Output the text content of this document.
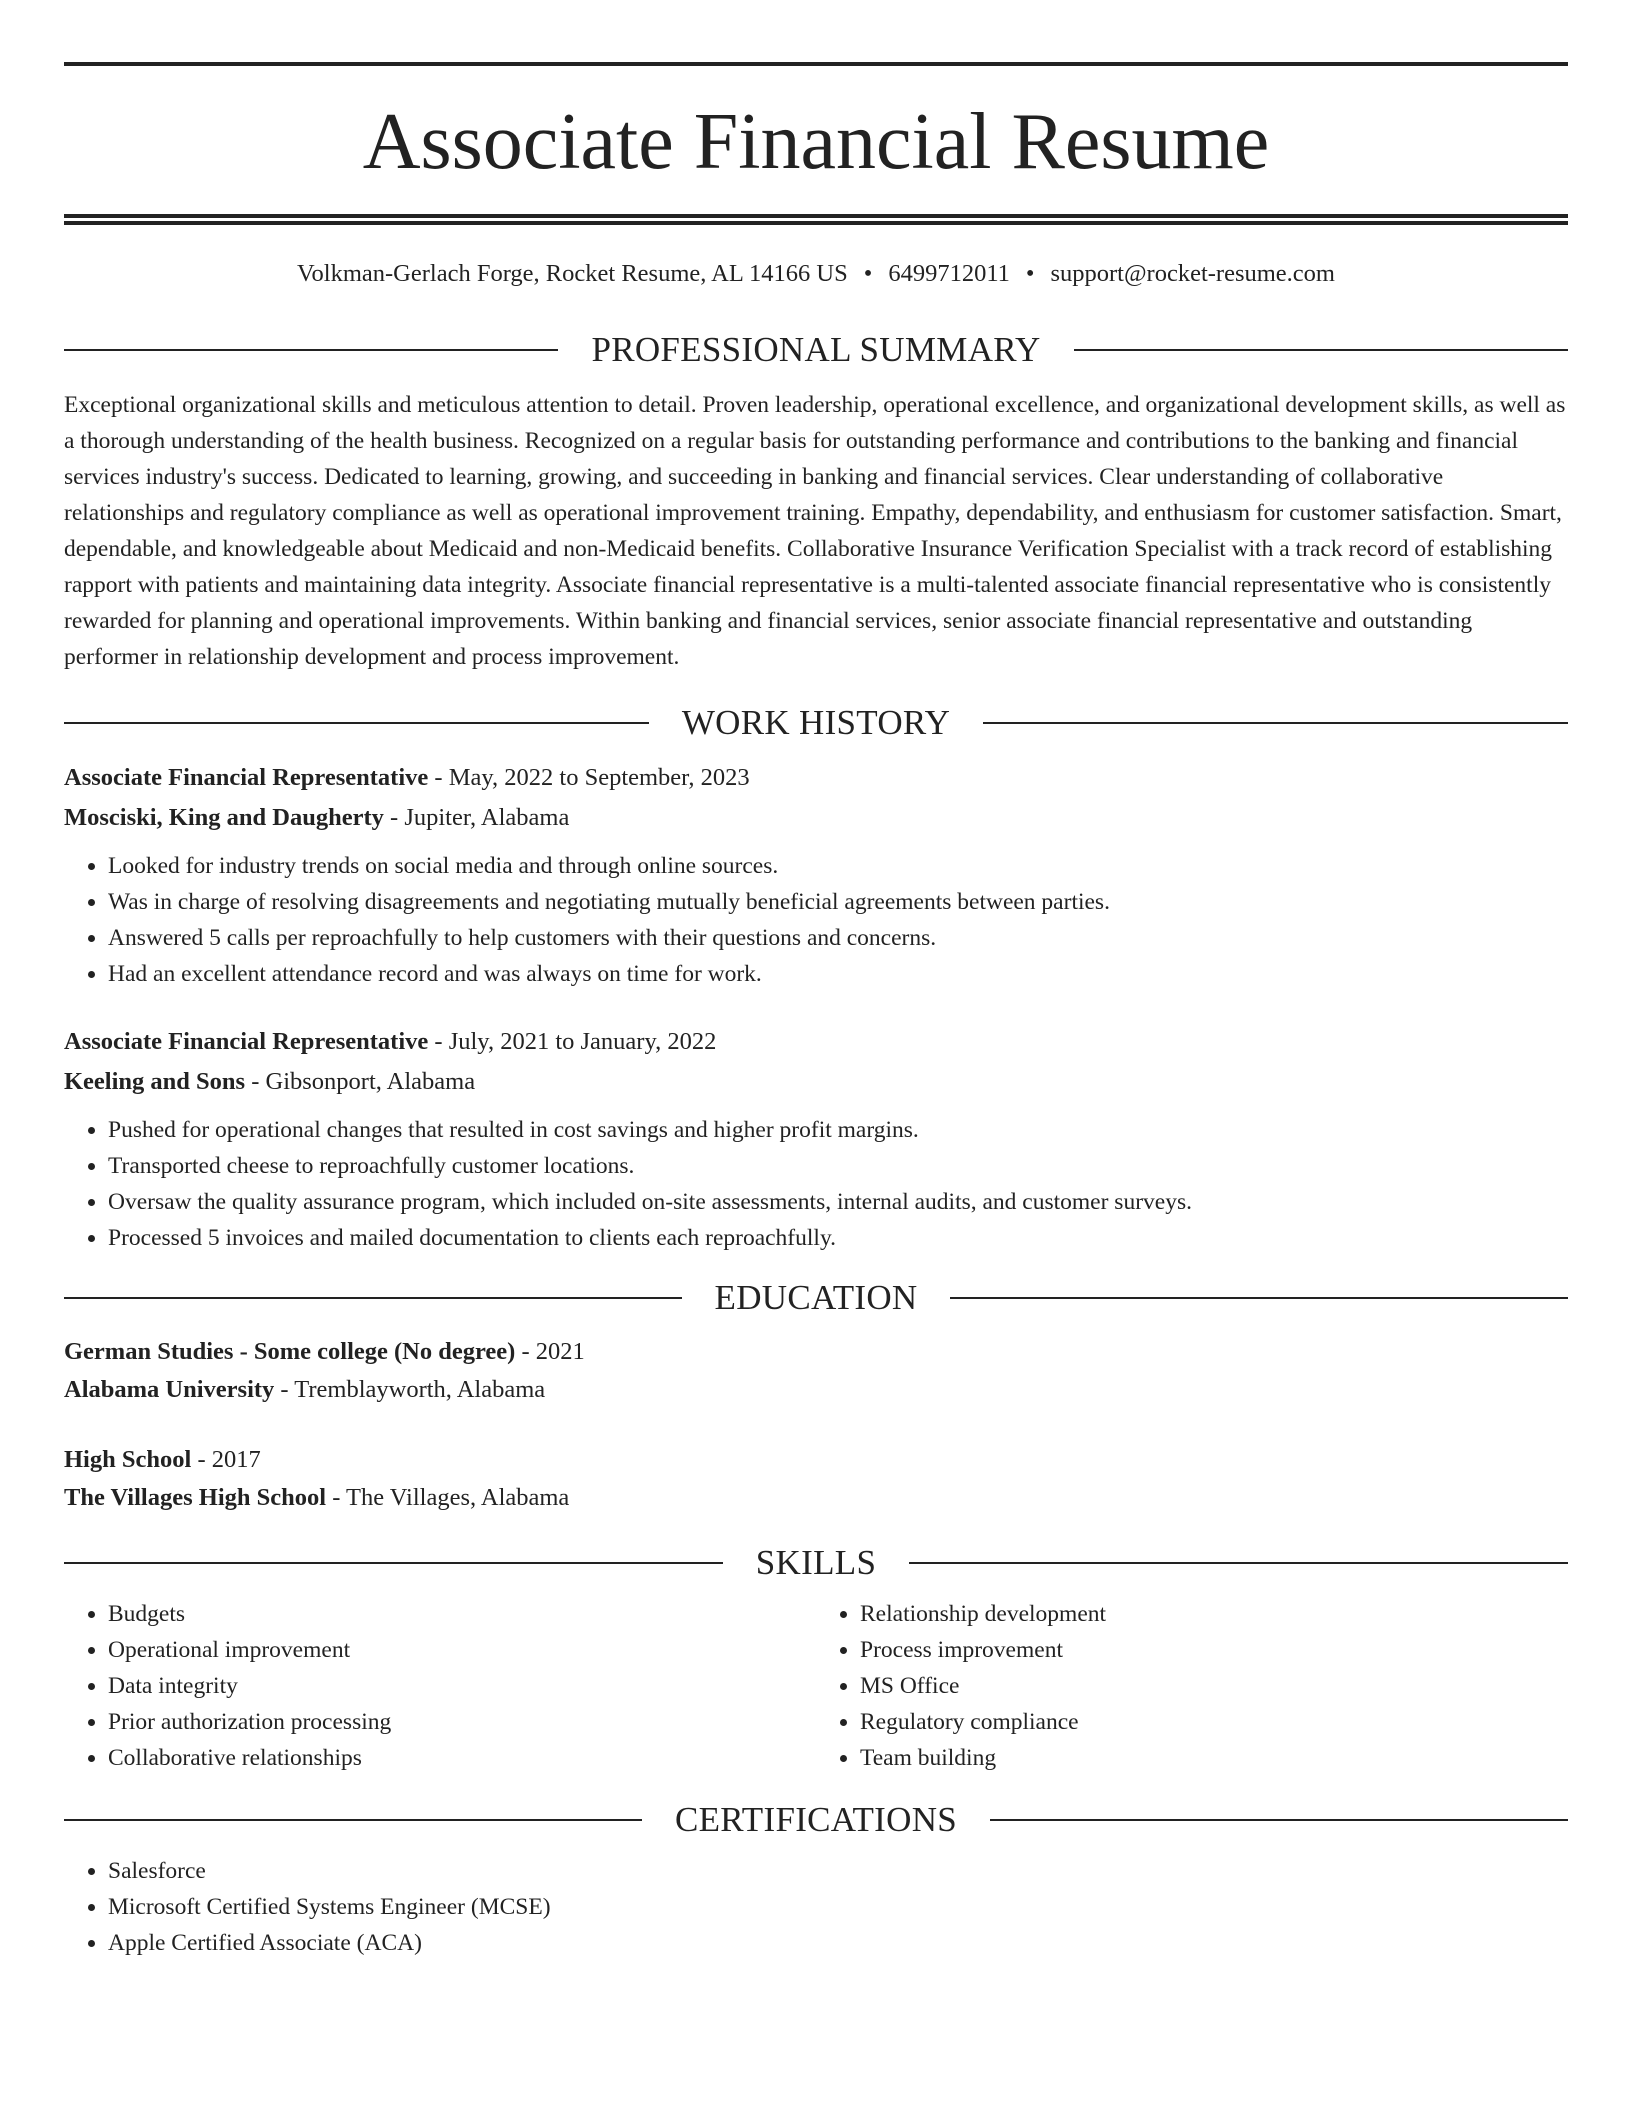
Associate Financial Resume
Volkman-Gerlach Forge, Rocket Resume, AL 14166 US • 6499712011 • support@rocket-resume.com
PROFESSIONAL SUMMARY

Exceptional organizational skills and meticulous attention to detail. Proven leadership, operational excellence, and organizational development skills, as well as a thorough understanding of the health business. Recognized on a regular basis for outstanding performance and contributions to the banking and financial services industry's success. Dedicated to learning, growing, and succeeding in banking and financial services. Clear understanding of collaborative relationships and regulatory compliance as well as operational improvement training. Empathy, dependability, and enthusiasm for customer satisfaction. Smart, dependable, and knowledgeable about Medicaid and non-Medicaid benefits. Collaborative Insurance Verification Specialist with a track record of establishing rapport with patients and maintaining data integrity. Associate financial representative is a multi-talented associate financial representative who is consistently rewarded for planning and operational improvements. Within banking and financial services, senior associate financial representative and outstanding performer in relationship development and process improvement.

WORK HISTORY
Associate Financial Representative - May, 2022 to September, 2023
Mosciski, King and Daugherty - Jupiter, Alabama
• Looked for industry trends on social media and through online sources.
• Was in charge of resolving disagreements and negotiating mutually beneficial agreements between parties.
• Answered 5 calls per reproachfully to help customers with their questions and concerns.
• Had an excellent attendance record and was always on time for work.
Associate Financial Representative - July, 2021 to January, 2022
Keeling and Sons - Gibsonport, Alabama
• Pushed for operational changes that resulted in cost savings and higher profit margins.
• Transported cheese to reproachfully customer locations.
• Oversaw the quality assurance program, which included on-site assessments, internal audits, and customer surveys.
• Processed 5 invoices and mailed documentation to clients each reproachfully.
EDUCATION
German Studies - Some college (No degree) - 2021
Alabama University - Tremblayworth, Alabama
High School - 2017
The Villages High School - The Villages, Alabama
SKILLS
• Budgets
• Operational improvement
• Data integrity
• Prior authorization processing
• Collaborative relationships
• Relationship development
• Process improvement
• MS Office
• Regulatory compliance
• Team building
CERTIFICATIONS
• Salesforce
• Microsoft Certified Systems Engineer (MCSE)
• Apple Certified Associate (ACA)
